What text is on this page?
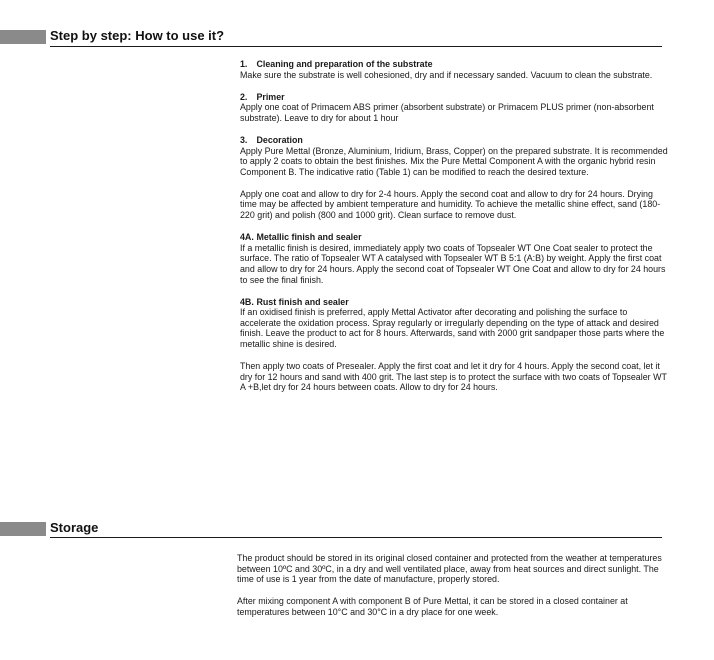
Step by step: How to use it?
1. Cleaning and preparation of the substrate
Make sure the substrate is well cohesioned, dry and if necessary sanded. Vacuum to clean the substrate.
2. Primer
Apply one coat of Primacem ABS primer (absorbent substrate) or Primacem PLUS primer (non-absorbent substrate). Leave to dry for about 1 hour
3. Decoration
Apply Pure Mettal (Bronze, Aluminium, Iridium, Brass, Copper) on the prepared substrate. It is recommended to apply 2 coats to obtain the best finishes. Mix the Pure Mettal Component A with the organic hybrid resin Component B. The indicative ratio (Table 1) can be modified to reach the desired texture.
Apply one coat and allow to dry for 2-4 hours. Apply the second coat and allow to dry for 24 hours. Drying time may be affected by ambient temperature and humidity. To achieve the metallic shine effect, sand (180-220 grit) and polish (800 and 1000 grit). Clean surface to remove dust.
4A. Metallic finish and sealer
If a metallic finish is desired, immediately apply two coats of Topsealer WT One Coat sealer to protect the surface. The ratio of Topsealer WT A catalysed with Topsealer WT B 5:1 (A:B) by weight. Apply the first coat and allow to dry for 24 hours. Apply the second coat of Topsealer WT One Coat and allow to dry for 24 hours to see the final finish.
4B. Rust finish and sealer
If an oxidised finish is preferred, apply Mettal Activator after decorating and polishing the surface to accelerate the oxidation process. Spray regularly or irregularly depending on the type of attack and desired finish. Leave the product to act for 8 hours. Afterwards, sand with 2000 grit sandpaper those parts where the metallic shine is desired.
Then apply two coats of Presealer. Apply the first coat and let it dry for 4 hours. Apply the second coat, let it dry for 12 hours and sand with 400 grit. The last step is to protect the surface with two coats of Topsealer WT A +B,let dry for 24 hours between coats. Allow to dry for 24 hours.
Storage
The product should be stored in its original closed container and protected from the weather at temperatures between 10ºC and 30ºC, in a dry and well ventilated place, away from heat sources and direct sunlight. The time of use is 1 year from the date of manufacture, properly stored.
After mixing component A with component B of Pure Mettal, it can be stored in a closed container at temperatures between 10°C and 30°C in a dry place for one week.
